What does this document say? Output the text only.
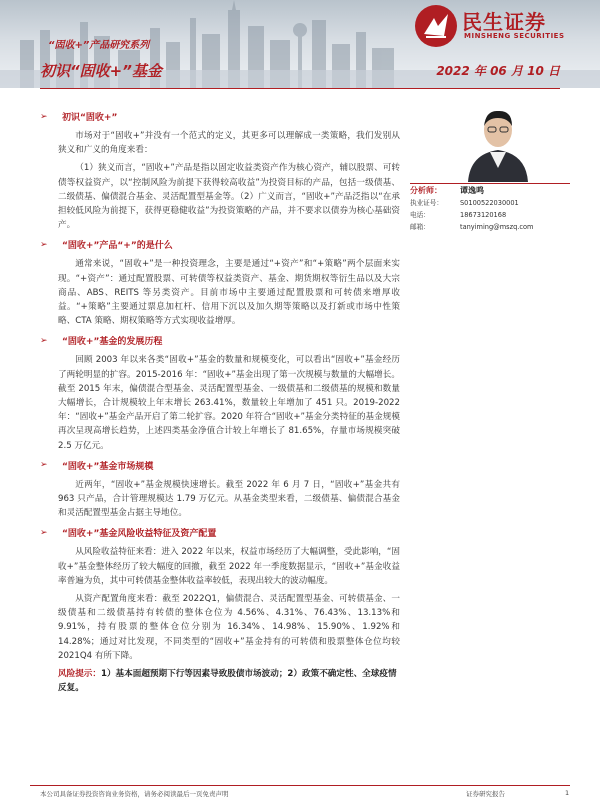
“固收+”产品研究系列
初识“固收+”基金	2022 年 06 月 10 日
民生证券
MINSHENG SECURITIES
➢	初识“固收+”

市场对于“固收+”并没有一个范式的定义，其更多可以理解成一类策略，我们发别从狭义和广义的角度来看：

（1）狭义而言，“固收+”产品是指以固定收益类资产作为核心资产，辅以股票、可转债等权益资产，以“控制风险为前提下获得较高收益”为投资目标的产品，包括一级债基、二级债基、偏债混合基金、灵活配置型基金等。（2）广义而言，“固收+”产品泛指以“在承担较低风险为前提下，获得更稳健收益”为投资策略的产品，并不要求以债券为核心基础资产。

➢	“固收+”产品“+”的是什么

通常来说，“固收+”是一种投资理念，主要是通过“+资产”和“+策略”两个层面来实现。“+资产”：通过配置股票、可转债等权益类资产、基金、期货期权等衍生品以及大宗商品、ABS、REITS 等另类资产。目前市场中主要通过配置股票和可转债来增厚收益。“+策略”主要通过票息加杠杆、信用下沉以及加久期等策略以及打新或市场中性策略、CTA 策略、期权策略等方式实现收益增厚。

➢	“固收+”基金的发展历程

回顾 2003 年以来各类“固收+”基金的数量和规模变化，可以看出“固收+”基金经历了两轮明显的扩容。2015-2016 年：“固收+”基金出现了第一次规模与数量的大幅增长。截至 2015 年末，偏债混合型基金、灵活配置型基金、一级债基和二级债基的规模和数量大幅增长，合计规模较上年末增长 263.41%，数量较上年增加了 451 只。2019-2022 年：“固收+”基金产品开启了第二轮扩容。2020 年符合“固收+”基金分类特征的基金规模再次呈现高增长趋势，上述四类基金净值合计较上年增长了 81.65%，存量市场规模突破 2.5 万亿元。

➢	“固收+”基金市场规模

近两年，“固收+”基金规模快速增长。截至 2022 年 6 月 7 日，“固收+”基金共有 963 只产品，合计管理规模达 1.79 万亿元。从基金类型来看，二级债基、偏债混合基金和灵活配置型基金占据主导地位。

➢	“固收+”基金风险收益特征及资产配置

从风险收益特征来看：进入 2022 年以来，权益市场经历了大幅调整，受此影响，“固收+”基金整体经历了较大幅度的回撤，截至 2022 年一季度数据显示，“固收+”基金收益率普遍为负，其中可转债基金整体收益率较低，表现出较大的波动幅度。

从资产配置角度来看：截至 2022Q1，偏债混合、灵活配置型基金、可转债基金、一级债基和二级债基持有转债的整体仓位为 4.56%、4.31%、76.43%、13.13%和 9.91%，持有股票的整体仓位分别为 16.34%、14.98%、15.90%、1.92%和 14.28%；通过对比发现，不同类型的“固收+”基金持有的可转债和股票整体仓位均较 2021Q4 有所下降。

风险提示：1）基本面超预期下行等因素导致股债市场波动；2）政策不确定性、全球疫情反复。
分析师：	谭逸鸣
执业证号：	S0100522030001
电话：	18673120168
邮箱：	tanyiming@mszq.com
本公司具备证券投资咨询业务资格，请务必阅读最后一页免责声明	证券研究报告	1
